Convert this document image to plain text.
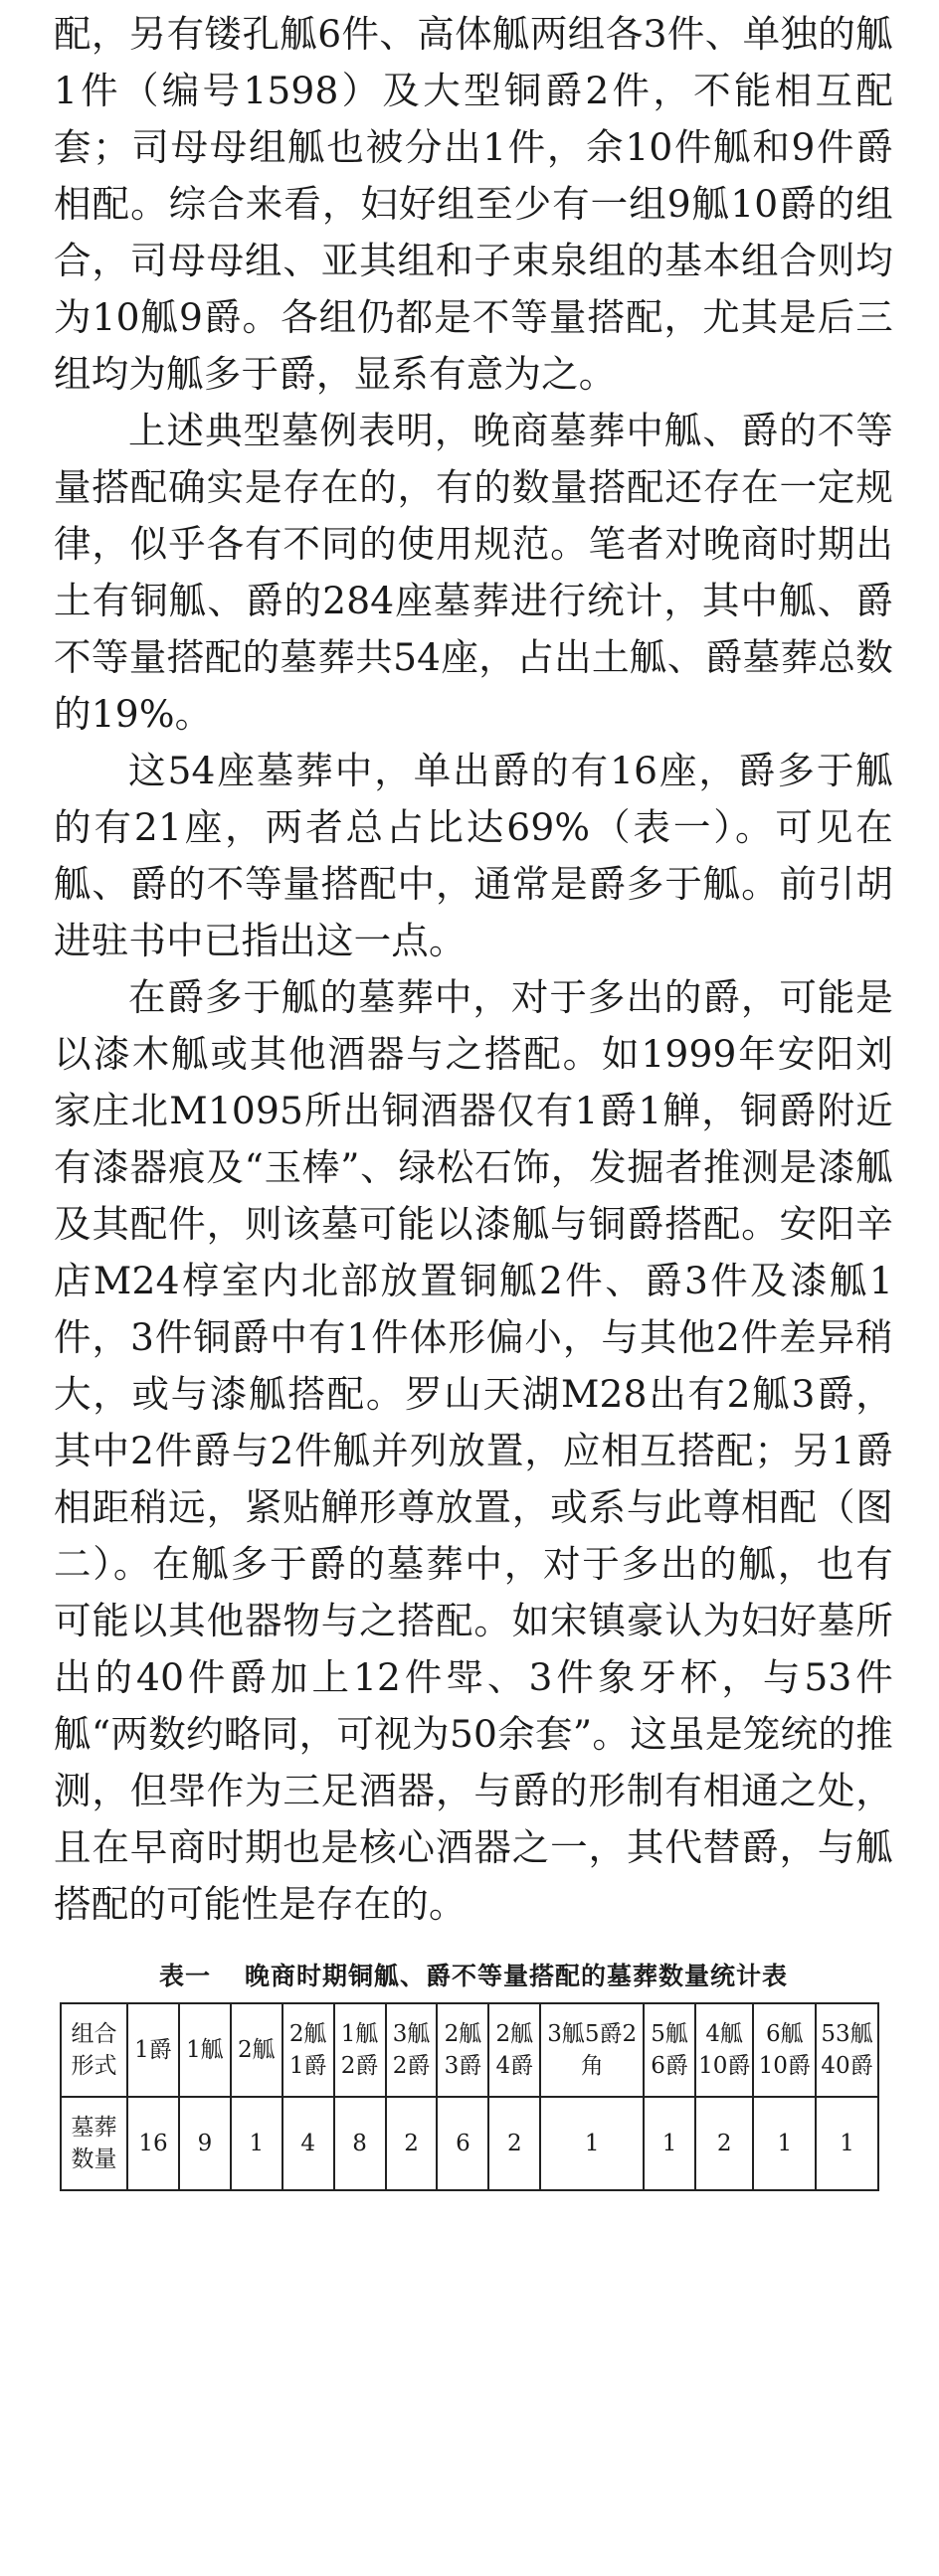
配，另有镂孔觚6件、高体觚两组各3件、单独的觚1件（编号1598）及大型铜爵2件，不能相互配套；司母母组觚也被分出1件，余10件觚和9件爵相配。综合来看，妇好组至少有一组9觚10爵的组合，司母母组、亚其组和子束泉组的基本组合则均为10觚9爵。各组仍都是不等量搭配，尤其是后三组均为觚多于爵，显系有意为之。

上述典型墓例表明，晚商墓葬中觚、爵的不等量搭配确实是存在的，有的数量搭配还存在一定规律，似乎各有不同的使用规范。笔者对晚商时期出土有铜觚、爵的284座墓葬进行统计，其中觚、爵不等量搭配的墓葬共54座，占出土觚、爵墓葬总数的19%。

这54座墓葬中，单出爵的有16座，爵多于觚的有21座，两者总占比达69%（表一）。可见在觚、爵的不等量搭配中，通常是爵多于觚。前引胡进驻书中已指出这一点。

在爵多于觚的墓葬中，对于多出的爵，可能是以漆木觚或其他酒器与之搭配。如1999年安阳刘家庄北M1095所出铜酒器仅有1爵1觯，铜爵附近有漆器痕及“玉棒”、绿松石饰，发掘者推测是漆觚及其配件，则该墓可能以漆觚与铜爵搭配。安阳辛店M24椁室内北部放置铜觚2件、爵3件及漆觚1件，3件铜爵中有1件体形偏小，与其他2件差异稍大，或与漆觚搭配。罗山天湖M28出有2觚3爵，其中2件爵与2件觚并列放置，应相互搭配；另1爵相距稍远，紧贴觯形尊放置，或系与此尊相配（图二）。在觚多于爵的墓葬中，对于多出的觚，也有可能以其他器物与之搭配。如宋镇豪认为妇好墓所出的40件爵加上12件斝、3件象牙杯，与53件觚“两数约略同，可视为50余套”。这虽是笼统的推测，但斝作为三足酒器，与爵的形制有相通之处，且在早商时期也是核心酒器之一，其代替爵，与觚搭配的可能性是存在的。

表一 晚商时期铜觚、爵不等量搭配的墓葬数量统计表
组合形式	1爵	1觚	2觚	2觚1爵	1觚2爵	3觚2爵	2觚3爵	2觚4爵	3觚5爵2角	5觚6爵	4觚10爵	6觚10爵	53觚40爵
墓葬数量	16	9	1	4	8	2	6	2	1	1	2	1	1
